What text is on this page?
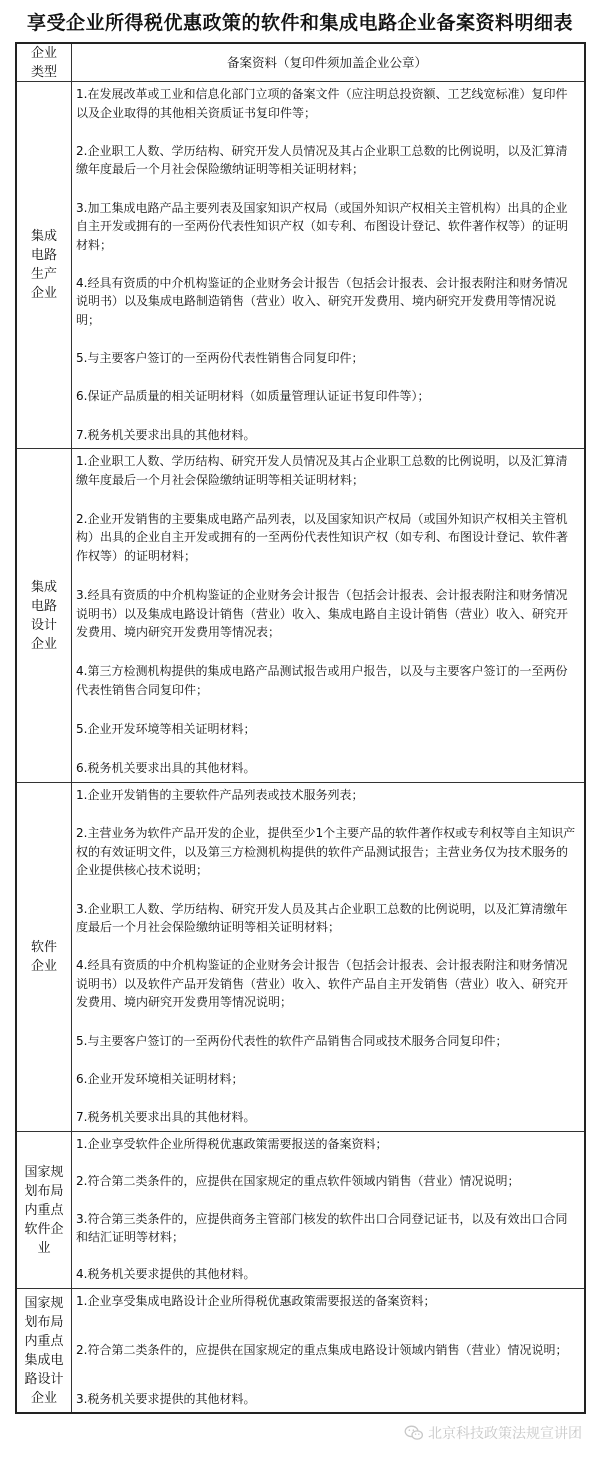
享受企业所得税优惠政策的软件和集成电路企业备案资料明细表
企业类型
备案资料（复印件须加盖企业公章）
集成
电路
生产
企业
1.在发展改革或工业和信息化部门立项的备案文件（应注明总投资额、工艺线宽标准）复印件以及企业取得的其他相关资质证书复印件等；
2.企业职工人数、学历结构、研究开发人员情况及其占企业职工总数的比例说明，以及汇算清缴年度最后一个月社会保险缴纳证明等相关证明材料；
3.加工集成电路产品主要列表及国家知识产权局（或国外知识产权相关主管机构）出具的企业自主开发或拥有的一至两份代表性知识产权（如专利、布图设计登记、软件著作权等）的证明材料；
4.经具有资质的中介机构鉴证的企业财务会计报告（包括会计报表、会计报表附注和财务情况说明书）以及集成电路制造销售（营业）收入、研究开发费用、境内研究开发费用等情况说明；
5.与主要客户签订的一至两份代表性销售合同复印件；
6.保证产品质量的相关证明材料（如质量管理认证证书复印件等）；
7.税务机关要求出具的其他材料。
集成
电路
设计
企业
1.企业职工人数、学历结构、研究开发人员情况及其占企业职工总数的比例说明，以及汇算清缴年度最后一个月社会保险缴纳证明等相关证明材料；
2.企业开发销售的主要集成电路产品列表，以及国家知识产权局（或国外知识产权相关主管机构）出具的企业自主开发或拥有的一至两份代表性知识产权（如专利、布图设计登记、软件著作权等）的证明材料；
3.经具有资质的中介机构鉴证的企业财务会计报告（包括会计报表、会计报表附注和财务情况说明书）以及集成电路设计销售（营业）收入、集成电路自主设计销售（营业）收入、研究开发费用、境内研究开发费用等情况表；
4.第三方检测机构提供的集成电路产品测试报告或用户报告，以及与主要客户签订的一至两份代表性销售合同复印件；
5.企业开发环境等相关证明材料；
6.税务机关要求出具的其他材料。
软件
企业
1.企业开发销售的主要软件产品列表或技术服务列表；
2.主营业务为软件产品开发的企业，提供至少1个主要产品的软件著作权或专利权等自主知识产权的有效证明文件，以及第三方检测机构提供的软件产品测试报告；主营业务仅为技术服务的企业提供核心技术说明；
3.企业职工人数、学历结构、研究开发人员及其占企业职工总数的比例说明，以及汇算清缴年度最后一个月社会保险缴纳证明等相关证明材料；
4.经具有资质的中介机构鉴证的企业财务会计报告（包括会计报表、会计报表附注和财务情况说明书）以及软件产品开发销售（营业）收入、软件产品自主开发销售（营业）收入、研究开发费用、境内研究开发费用等情况说明；
5.与主要客户签订的一至两份代表性的软件产品销售合同或技术服务合同复印件；
6.企业开发环境相关证明材料；
7.税务机关要求出具的其他材料。
国家规
划布局
内重点
软件企
业
1.企业享受软件企业所得税优惠政策需要报送的备案资料；
2.符合第二类条件的，应提供在国家规定的重点软件领域内销售（营业）情况说明；
3.符合第三类条件的，应提供商务主管部门核发的软件出口合同登记证书，以及有效出口合同和结汇证明等材料；
4.税务机关要求提供的其他材料。
国家规
划布局
内重点
集成电
路设计
企业
1.企业享受集成电路设计企业所得税优惠政策需要报送的备案资料；
2.符合第二类条件的，应提供在国家规定的重点集成电路设计领域内销售（营业）情况说明；
3.税务机关要求提供的其他材料。
北京科技政策法规宣讲团
